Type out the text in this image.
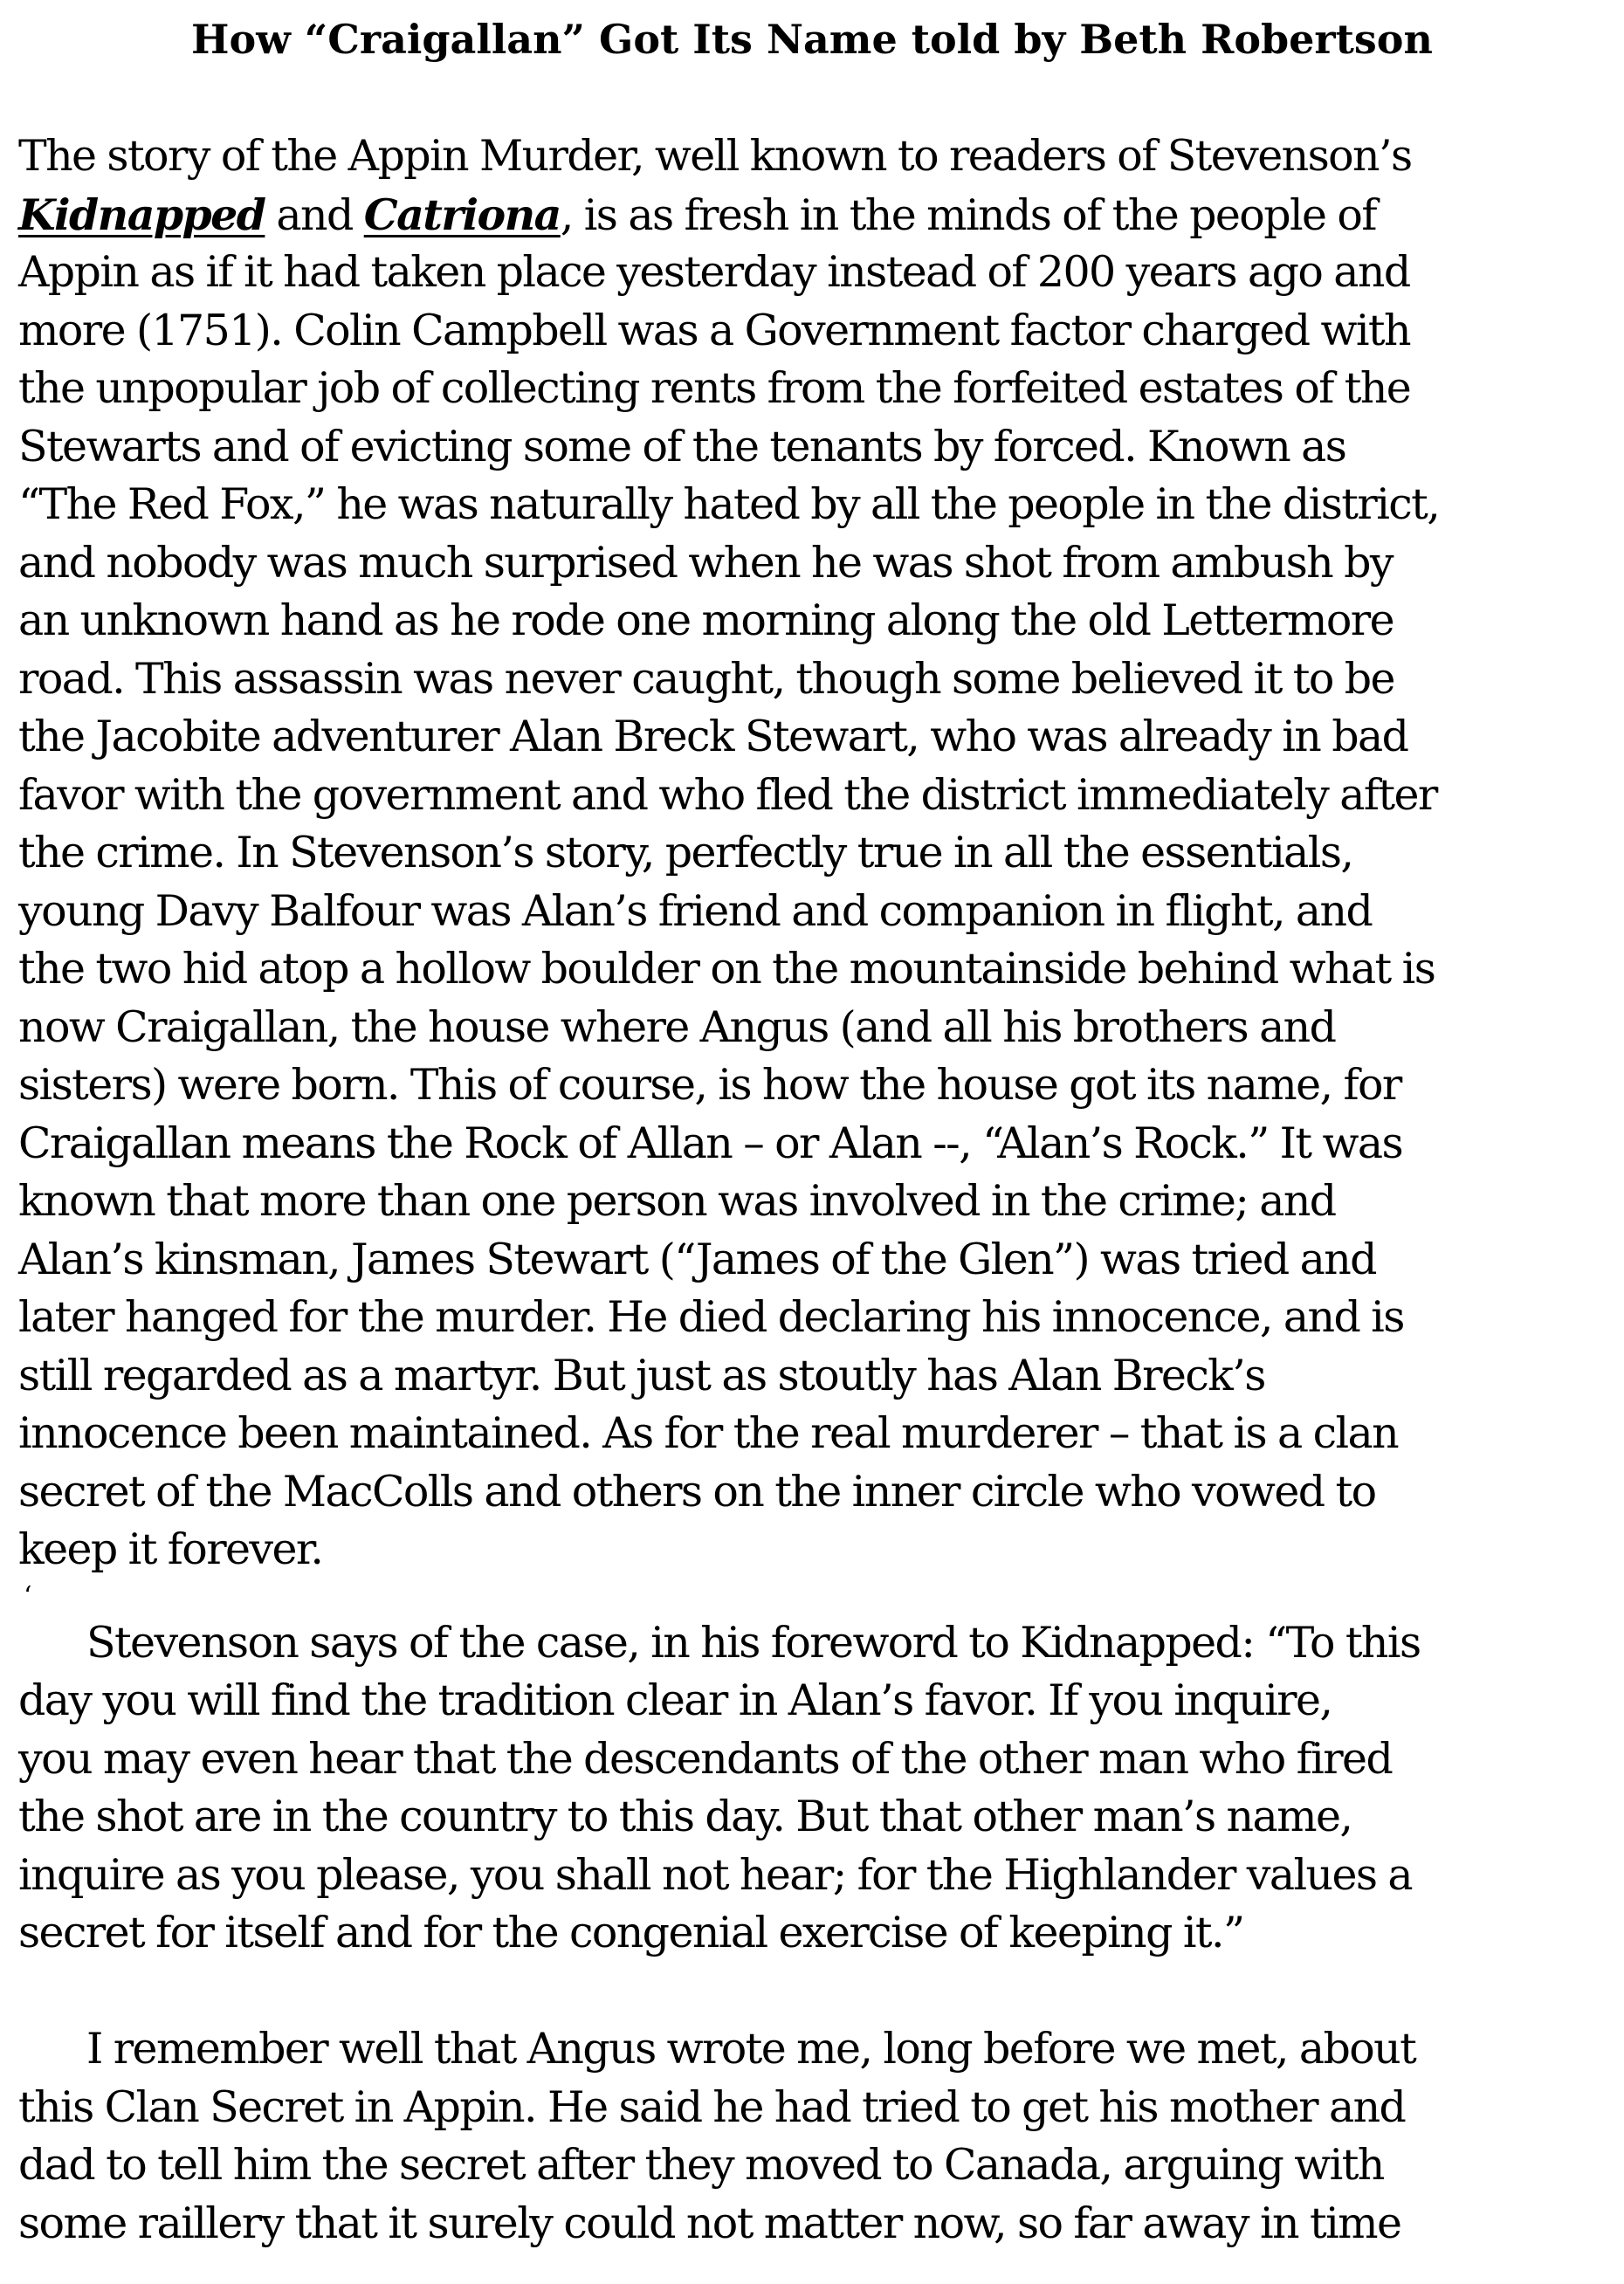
How “Craigallan” Got Its Name told by Beth Robertson
The story of the Appin Murder, well known to readers of Stevenson’s
Kidnapped and Catriona, is as fresh in the minds of the people of
Appin as if it had taken place yesterday instead of 200 years ago and
more (1751). Colin Campbell was a Government factor charged with
the unpopular job of collecting rents from the forfeited estates of the
Stewarts and of evicting some of the tenants by forced. Known as
“The Red Fox,” he was naturally hated by all the people in the district,
and nobody was much surprised when he was shot from ambush by
an unknown hand as he rode one morning along the old Lettermore
road. This assassin was never caught, though some believed it to be
the Jacobite adventurer Alan Breck Stewart, who was already in bad
favor with the government and who fled the district immediately after
the crime. In Stevenson’s story, perfectly true in all the essentials,
young Davy Balfour was Alan’s friend and companion in flight, and
the two hid atop a hollow boulder on the mountainside behind what is
now Craigallan, the house where Angus (and all his brothers and
sisters) were born. This of course, is how the house got its name, for
Craigallan means the Rock of Allan – or Alan --, “Alan’s Rock.” It was
known that more than one person was involved in the crime; and
Alan’s kinsman, James Stewart (“James of the Glen”) was tried and
later hanged for the murder. He died declaring his innocence, and is
still regarded as a martyr. But just as stoutly has Alan Breck’s
innocence been maintained. As for the real murderer – that is a clan
secret of the MacColls and others on the inner circle who vowed to
keep it forever.
‘
Stevenson says of the case, in his foreword to Kidnapped: “To this
day you will find the tradition clear in Alan’s favor. If you inquire,
you may even hear that the descendants of the other man who fired
the shot are in the country to this day. But that other man’s name,
inquire as you please, you shall not hear; for the Highlander values a
secret for itself and for the congenial exercise of keeping it.”
I remember well that Angus wrote me, long before we met, about
this Clan Secret in Appin. He said he had tried to get his mother and
dad to tell him the secret after they moved to Canada, arguing with
some raillery that it surely could not matter now, so far away in time
